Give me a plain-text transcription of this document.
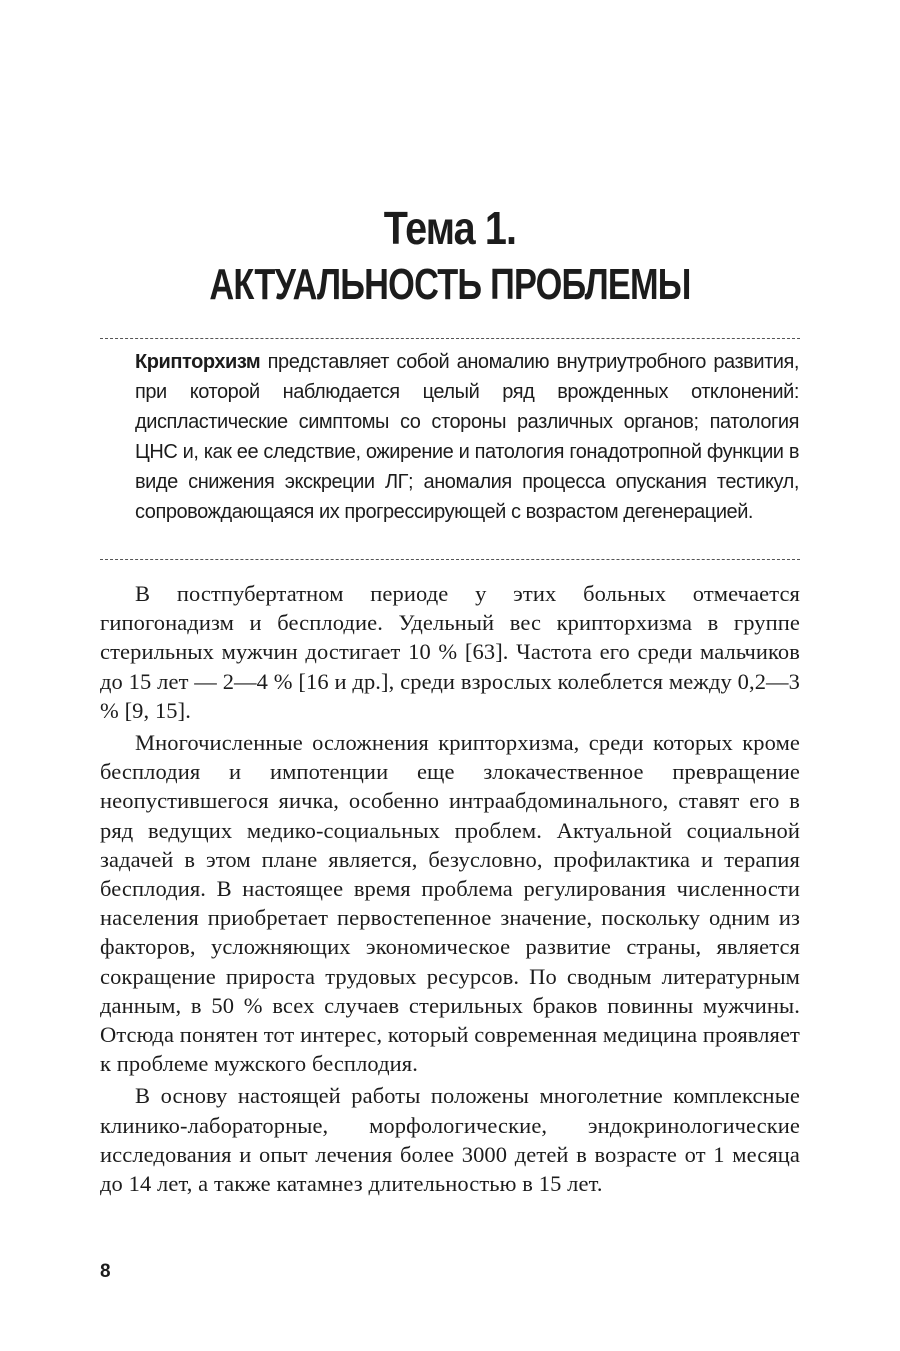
Тема 1.
АКТУАЛЬНОСТЬ ПРОБЛЕМЫ

Крипторхизм представляет собой аномалию внутриутробного развития, при которой наблюдается целый ряд врожденных отклонений: диспластические симптомы со стороны различных органов; патология ЦНС и, как ее следствие, ожирение и патология гонадотропной функции в виде снижения экскреции ЛГ; аномалия процесса опускания тестикул, сопровождающаяся их прогрессирующей с возрастом дегенерацией.

В постпубертатном периоде у этих больных отмечается гипогонадизм и бесплодие. Удельный вес крипторхизма в группе стерильных мужчин достигает 10 % [63]. Частота его среди мальчиков до 15 лет — 2—4 % [16 и др.], среди взрослых колеблется между 0,2—3 % [9, 15].

Многочисленные осложнения крипторхизма, среди которых кроме бесплодия и импотенции еще злокачественное превращение неопустившегося яичка, особенно интраабдоминального, ставят его в ряд ведущих медико-социальных проблем. Актуальной социальной задачей в этом плане является, безусловно, профилактика и терапия бесплодия. В настоящее время проблема регулирования численности населения приобретает первостепенное значение, поскольку одним из факторов, усложняющих экономическое развитие страны, является сокращение прироста трудовых ресурсов. По сводным литературным данным, в 50 % всех случаев стерильных браков повинны мужчины. Отсюда понятен тот интерес, который современная медицина проявляет к проблеме мужского бесплодия.

В основу настоящей работы положены многолетние комплексные клинико-лабораторные, морфологические, эндокринологические исследования и опыт лечения более 3000 детей в возрасте от 1 месяца до 14 лет, а также катамнез длительностью в 15 лет.

8
